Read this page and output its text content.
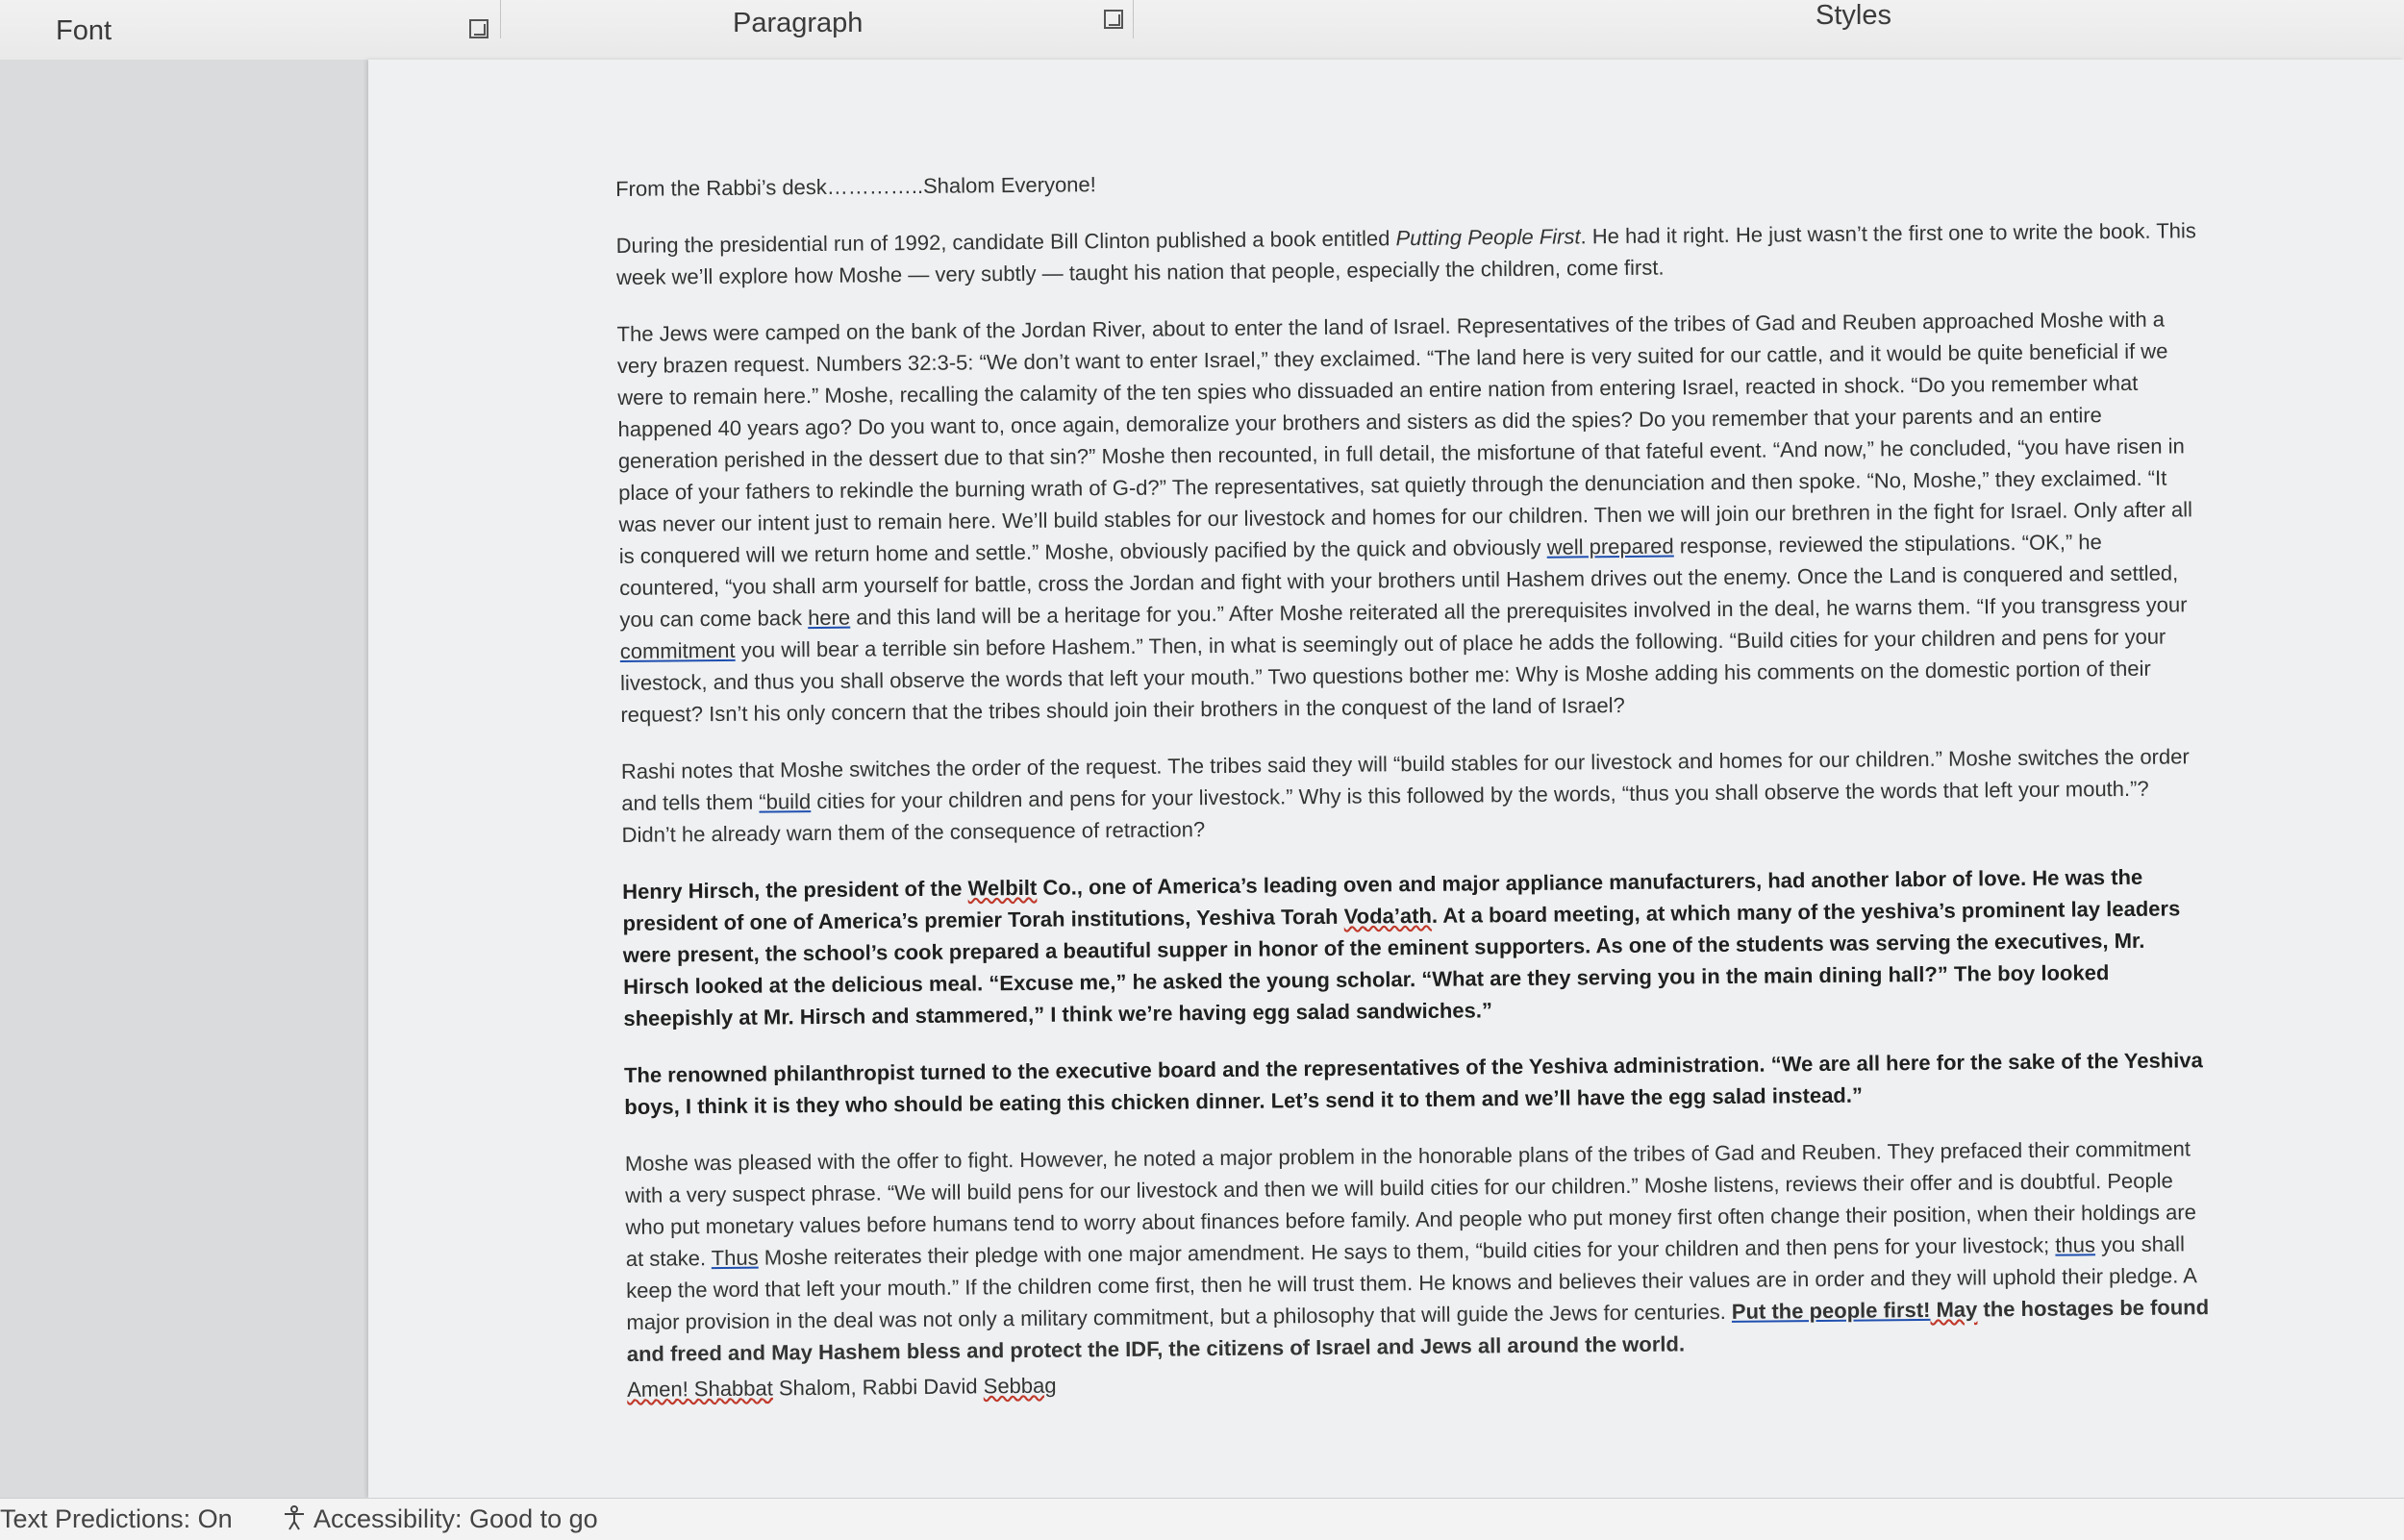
Font	Paragraph	Styles

From the Rabbi’s desk…………..Shalom Everyone!

During the presidential run of 1992, candidate Bill Clinton published a book entitled Putting People First. He had it right. He just wasn’t the first one to write the book. This week we’ll explore how Moshe — very subtly — taught his nation that people, especially the children, come first.

The Jews were camped on the bank of the Jordan River, about to enter the land of Israel. Representatives of the tribes of Gad and Reuben approached Moshe with a very brazen request. Numbers 32:3-5: “We don’t want to enter Israel,” they exclaimed. “The land here is very suited for our cattle, and it would be quite beneficial if we were to remain here.” Moshe, recalling the calamity of the ten spies who dissuaded an entire nation from entering Israel, reacted in shock. “Do you remember what happened 40 years ago? Do you want to, once again, demoralize your brothers and sisters as did the spies? Do you remember that your parents and an entire generation perished in the dessert due to that sin?” Moshe then recounted, in full detail, the misfortune of that fateful event. “And now,” he concluded, “you have risen in place of your fathers to rekindle the burning wrath of G-d?” The representatives, sat quietly through the denunciation and then spoke. “No, Moshe,” they exclaimed. “It was never our intent just to remain here. We’ll build stables for our livestock and homes for our children. Then we will join our brethren in the fight for Israel. Only after all is conquered will we return home and settle.” Moshe, obviously pacified by the quick and obviously well prepared response, reviewed the stipulations. “OK,” he countered, “you shall arm yourself for battle, cross the Jordan and fight with your brothers until Hashem drives out the enemy. Once the Land is conquered and settled, you can come back here and this land will be a heritage for you.” After Moshe reiterated all the prerequisites involved in the deal, he warns them. “If you transgress your commitment you will bear a terrible sin before Hashem.” Then, in what is seemingly out of place he adds the following. “Build cities for your children and pens for your livestock, and thus you shall observe the words that left your mouth.” Two questions bother me: Why is Moshe adding his comments on the domestic portion of their request? Isn’t his only concern that the tribes should join their brothers in the conquest of the land of Israel?

Rashi notes that Moshe switches the order of the request. The tribes said they will “build stables for our livestock and homes for our children.” Moshe switches the order and tells them “build cities for your children and pens for your livestock.” Why is this followed by the words, “thus you shall observe the words that left your mouth.”? Didn’t he already warn them of the consequence of retraction?

Henry Hirsch, the president of the Welbilt Co., one of America’s leading oven and major appliance manufacturers, had another labor of love. He was the president of one of America’s premier Torah institutions, Yeshiva Torah Voda’ath. At a board meeting, at which many of the yeshiva’s prominent lay leaders were present, the school’s cook prepared a beautiful supper in honor of the eminent supporters. As one of the students was serving the executives, Mr. Hirsch looked at the delicious meal. “Excuse me,” he asked the young scholar. “What are they serving you in the main dining hall?” The boy looked sheepishly at Mr. Hirsch and stammered,” I think we’re having egg salad sandwiches.”

The renowned philanthropist turned to the executive board and the representatives of the Yeshiva administration. “We are all here for the sake of the Yeshiva boys, I think it is they who should be eating this chicken dinner. Let’s send it to them and we’ll have the egg salad instead.”

Moshe was pleased with the offer to fight. However, he noted a major problem in the honorable plans of the tribes of Gad and Reuben. They prefaced their commitment with a very suspect phrase. “We will build pens for our livestock and then we will build cities for our children.” Moshe listens, reviews their offer and is doubtful. People who put monetary values before humans tend to worry about finances before family. And people who put money first often change their position, when their holdings are at stake. Thus Moshe reiterates their pledge with one major amendment. He says to them, “build cities for your children and then pens for your livestock; thus you shall keep the word that left your mouth.” If the children come first, then he will trust them. He knows and believes their values are in order and they will uphold their pledge. A major provision in the deal was not only a military commitment, but a philosophy that will guide the Jews for centuries. Put the people first! May the hostages be found and freed and May Hashem bless and protect the IDF, the citizens of Israel and Jews all around the world.

Amen! Shabbat Shalom, Rabbi David Sebbag

Text Predictions: On	Accessibility: Good to go
